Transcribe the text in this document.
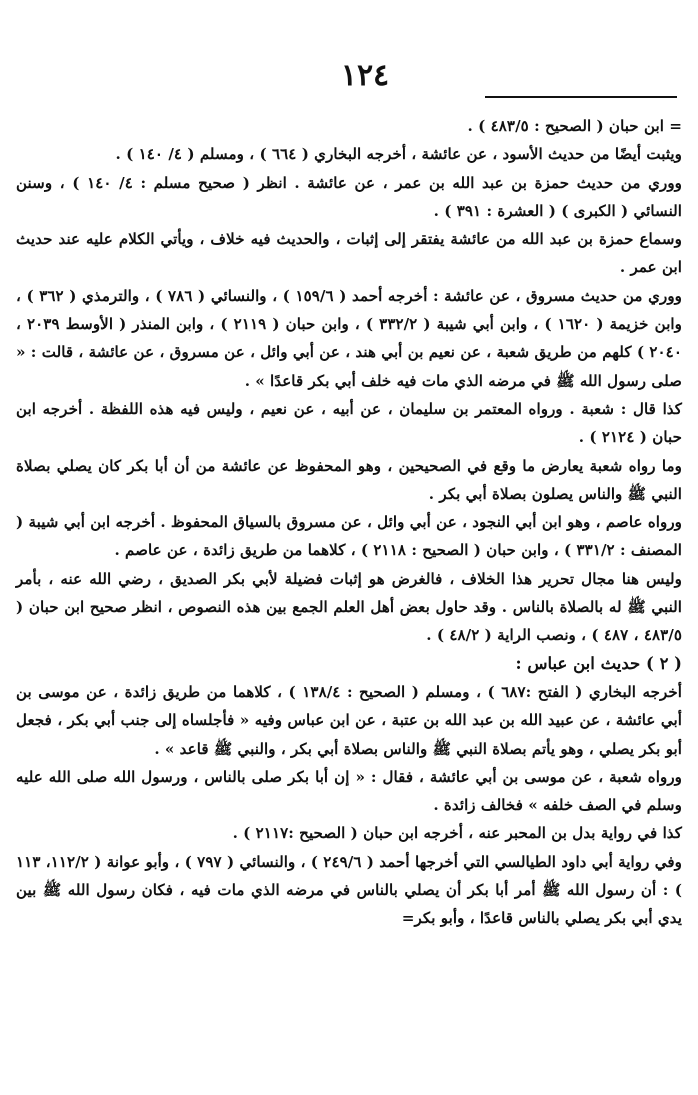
١٢٤

= ابن حبان ( الصحيح : ٤٨٣/٥ ) .

ويثبت أيضًا من حديث الأسود ، عن عائشة ، أخرجه البخاري ( ٦٦٤ ) ، ومسلم ( ٤/ ١٤٠ ) .

ووري من حديث حمزة بن عبد الله بن عمر ، عن عائشة . انظر ( صحيح مسلم : ٤/ ١٤٠ ) ، وسنن النسائي ( الكبرى ) ( العشرة : ٣٩١ ) .

وسماع حمزة بن عبد الله من عائشة يفتقر إلى إثبات ، والحديث فيه خلاف ، ويأتي الكلام عليه عند حديث ابن عمر .

ووري من حديث مسروق ، عن عائشة : أخرجه أحمد ( ١٥٩/٦ ) ، والنسائي ( ٧٨٦ ) ، والترمذي ( ٣٦٢ ) ، وابن خزيمة ( ١٦٢٠ ) ، وابن أبي شيبة ( ٣٣٢/٢ ) ، وابن حبان ( ٢١١٩ ) ، وابن المنذر ( الأوسط ٢٠٣٩ ، ٢٠٤٠ ) كلهم من طريق شعبة ، عن نعيم بن أبي هند ، عن أبي وائل ، عن مسروق ، عن عائشة ، قالت : « صلى رسول الله ﷺ في مرضه الذي مات فيه خلف أبي بكر قاعدًا » .

كذا قال : شعبة . ورواه المعتمر بن سليمان ، عن أبيه ، عن نعيم ، وليس فيه هذه اللفظة . أخرجه ابن حبان ( ٢١٢٤ ) .

وما رواه شعبة يعارض ما وقع في الصحيحين ، وهو المحفوظ عن عائشة من أن أبا بكر كان يصلي بصلاة النبي ﷺ والناس يصلون بصلاة أبي بكر .

ورواه عاصم ، وهو ابن أبي النجود ، عن أبي وائل ، عن مسروق بالسياق المحفوظ . أخرجه ابن أبي شيبة ( المصنف : ٣٣١/٢ ) ، وابن حبان ( الصحيح : ٢١١٨ ) ، كلاهما من طريق زائدة ، عن عاصم .

وليس هنا مجال تحرير هذا الخلاف ، فالغرض هو إثبات فضيلة لأبي بكر الصديق ، رضي الله عنه ، بأمر النبي ﷺ له بالصلاة بالناس . وقد حاول بعض أهل العلم الجمع بين هذه النصوص ، انظر صحيح ابن حبان ( ٤٨٣/٥ ، ٤٨٧ ) ، ونصب الراية ( ٤٨/٢ ) .

( ٢ ) حديث ابن عباس :

أخرجه البخاري ( الفتح :٦٨٧ ) ، ومسلم ( الصحيح : ١٣٨/٤ ) ، كلاهما من طريق زائدة ، عن موسى بن أبي عائشة ، عن عبيد الله بن عبد الله بن عتبة ، عن ابن عباس وفيه « فأجلساه إلى جنب أبي بكر ، فجعل أبو بكر يصلي ، وهو يأتم بصلاة النبي ﷺ والناس بصلاة أبي بكر ، والنبي ﷺ قاعد » .

ورواه شعبة ، عن موسى بن أبي عائشة ، فقال : « إن أبا بكر صلى بالناس ، ورسول الله صلى الله عليه وسلم في الصف خلفه » فخالف زائدة .

كذا في رواية بدل بن المحبر عنه ، أخرجه ابن حبان ( الصحيح :٢١١٧ ) .

وفي رواية أبي داود الطيالسي التي أخرجها أحمد ( ٢٤٩/٦ ) ، والنسائي ( ٧٩٧ ) ، وأبو عوانة ( ١١٢/٢، ١١٣ ) : أن رسول الله ﷺ أمر أبا بكر أن يصلي بالناس في مرضه الذي مات فيه ، فكان رسول الله ﷺ بين يدي أبي بكر يصلي بالناس قاعدًا ، وأبو بكر=
